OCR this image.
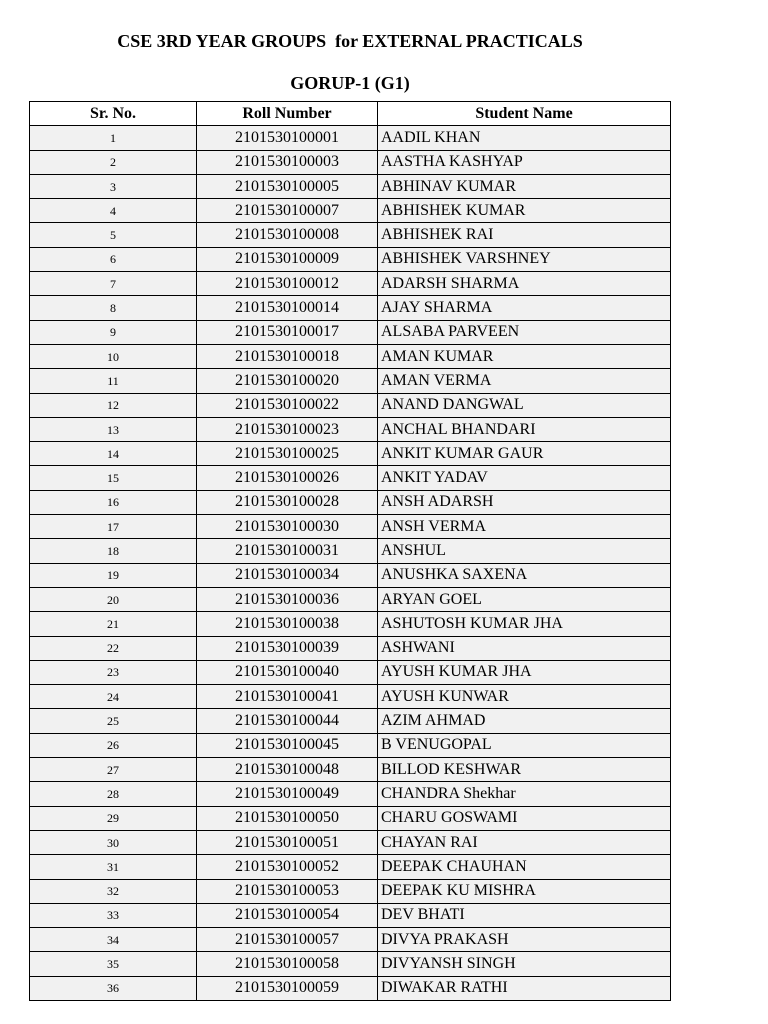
CSE 3RD YEAR GROUPS  for EXTERNAL PRACTICALS
GORUP-1 (G1)
Sr. No.	Roll Number	Student Name
1	2101530100001	AADIL KHAN
2	2101530100003	AASTHA KASHYAP
3	2101530100005	ABHINAV KUMAR
4	2101530100007	ABHISHEK KUMAR
5	2101530100008	ABHISHEK RAI
6	2101530100009	ABHISHEK VARSHNEY
7	2101530100012	ADARSH SHARMA
8	2101530100014	AJAY SHARMA
9	2101530100017	ALSABA PARVEEN
10	2101530100018	AMAN KUMAR
11	2101530100020	AMAN VERMA
12	2101530100022	ANAND DANGWAL
13	2101530100023	ANCHAL BHANDARI
14	2101530100025	ANKIT KUMAR GAUR
15	2101530100026	ANKIT YADAV
16	2101530100028	ANSH ADARSH
17	2101530100030	ANSH VERMA
18	2101530100031	ANSHUL
19	2101530100034	ANUSHKA SAXENA
20	2101530100036	ARYAN GOEL
21	2101530100038	ASHUTOSH KUMAR JHA
22	2101530100039	ASHWANI
23	2101530100040	AYUSH KUMAR JHA
24	2101530100041	AYUSH KUNWAR
25	2101530100044	AZIM AHMAD
26	2101530100045	B VENUGOPAL
27	2101530100048	BILLOD KESHWAR
28	2101530100049	CHANDRA Shekhar
29	2101530100050	CHARU GOSWAMI
30	2101530100051	CHAYAN RAI
31	2101530100052	DEEPAK CHAUHAN
32	2101530100053	DEEPAK KU MISHRA
33	2101530100054	DEV BHATI
34	2101530100057	DIVYA PRAKASH
35	2101530100058	DIVYANSH SINGH
36	2101530100059	DIWAKAR RATHI
